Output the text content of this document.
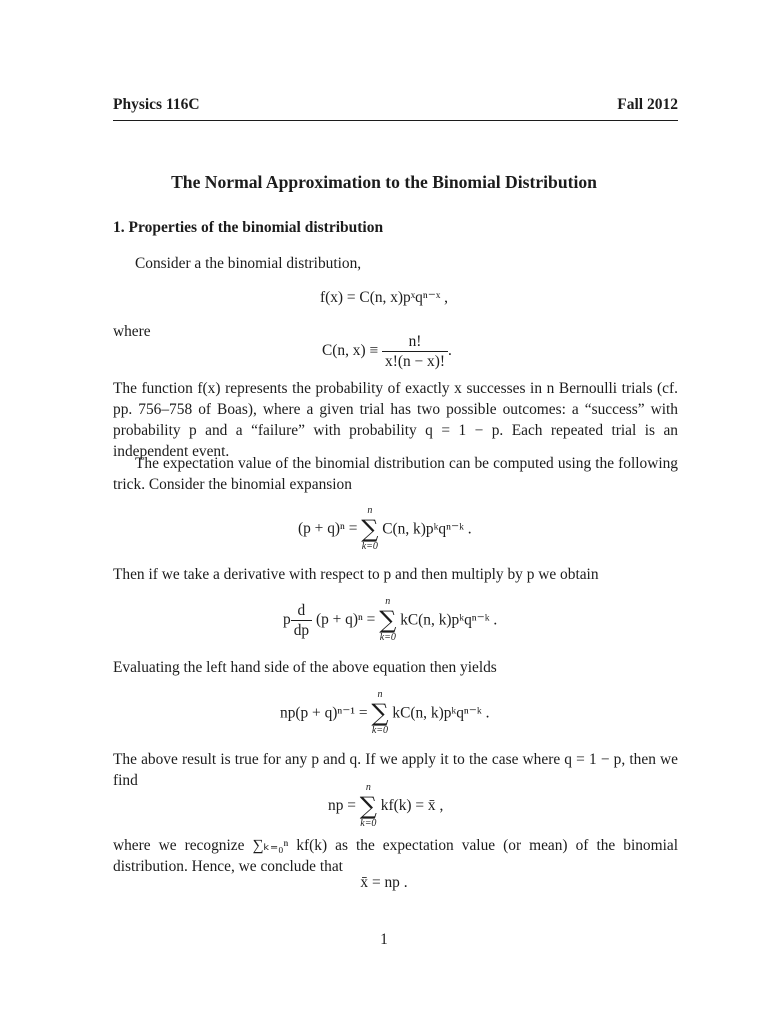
Physics 116C	Fall 2012
The Normal Approximation to the Binomial Distribution
1. Properties of the binomial distribution
Consider a the binomial distribution,
f(x) = C(n, x)pˣqⁿ⁻ˣ ,
where
C(n, $x) \equiv \frac{n!}{x!(n - x)!}$ .
The function f(x) represents the probability of exactly x successes in n Bernoulli trials (cf. pp. 756–758 of Boas), where a given trial has two possible outcomes: a “success” with probability p and a “failure” with probability q = 1 − p. Each repeated trial is an independent event.
The expectation value of the binomial distribution can be computed using the following trick. Consider the binomial expansion
(p + q)ⁿ =
n
∑
k=0
C(n, k)pᵏqⁿ⁻ᵏ .
Then if we take a derivative with respect to p and then multiply by p we obtain
p $\frac{d}{dp} (p + q)^n$ =
n
∑
k=0
kC(n, k)pᵏqⁿ⁻ᵏ .
Evaluating the left hand side of the above equation then yields
np(p + q)ⁿ⁻¹ =
n
∑
k=0
kC(n, k)pᵏqⁿ⁻ᵏ .
The above result is true for any p and q. If we apply it to the case where q = 1 − p, then we find
np =
n
∑
k=0
kf(k) = x̄ ,
where we recognize ∑ₖ₌₀ⁿ kf(k) as the expectation value (or mean) of the binomial distribution. Hence, we conclude that
x̄ = np .
1
